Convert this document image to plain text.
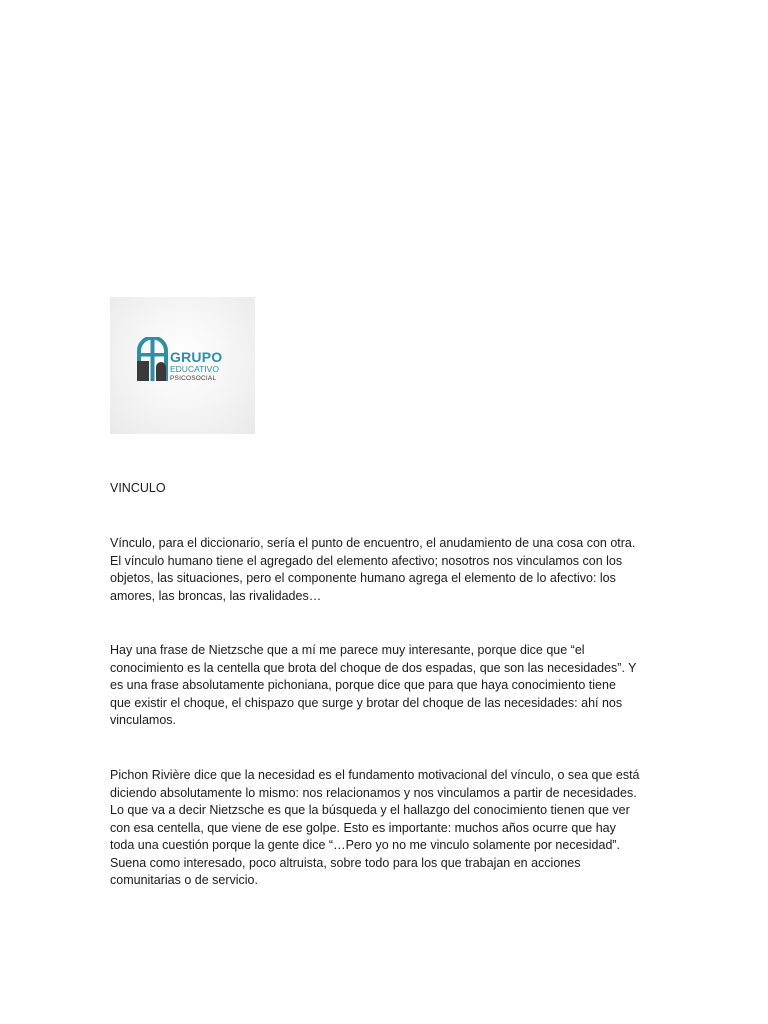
GRUPO
EDUCATIVO
PSICOSOCIAL
VINCULO

Vínculo, para el diccionario, sería el punto de encuentro, el anudamiento de una cosa con otra.
El vínculo humano tiene el agregado del elemento afectivo; nosotros nos vinculamos con los
objetos, las situaciones, pero el componente humano agrega el elemento de lo afectivo: los
amores, las broncas, las rivalidades…

Hay una frase de Nietzsche que a mí me parece muy interesante, porque dice que “el
conocimiento es la centella que brota del choque de dos espadas, que son las necesidades”. Y
es una frase absolutamente pichoniana, porque dice que para que haya conocimiento tiene
que existir el choque, el chispazo que surge y brotar del choque de las necesidades: ahí nos
vinculamos.

Pichon Rivière dice que la necesidad es el fundamento motivacional del vínculo, o sea que está
diciendo absolutamente lo mismo: nos relacionamos y nos vinculamos a partir de necesidades.
Lo que va a decir Nietzsche es que la búsqueda y el hallazgo del conocimiento tienen que ver
con esa centella, que viene de ese golpe. Esto es importante: muchos años ocurre que hay
toda una cuestión porque la gente dice “…Pero yo no me vinculo solamente por necesidad”.
Suena como interesado, poco altruista, sobre todo para los que trabajan en acciones
comunitarias o de servicio.
